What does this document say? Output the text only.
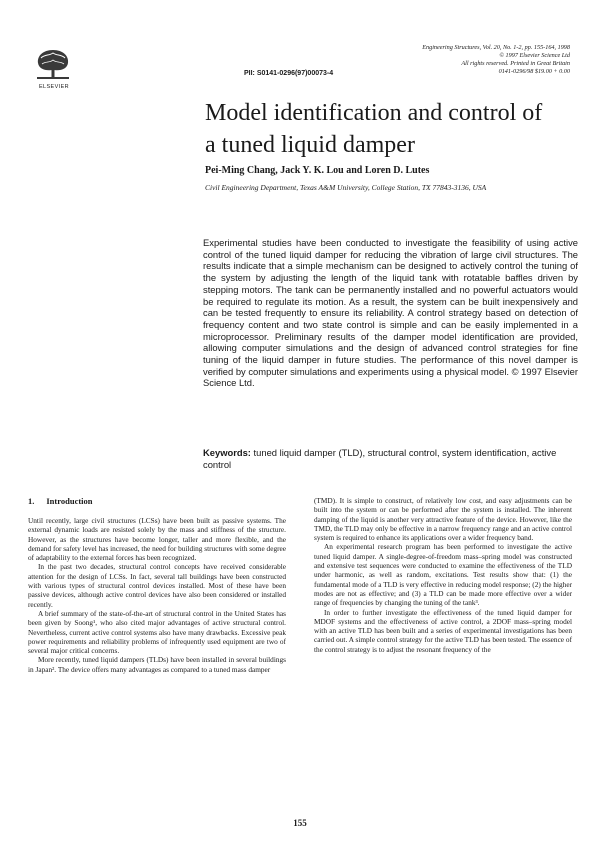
ELSEVIER
PII: S0141-0296(97)00073-4
Engineering Structures, Vol. 20, No. 1-2, pp. 155-164, 1998
© 1997 Elsevier Science Ltd
All rights reserved. Printed in Great Britain
0141-0296/98 $19.00 + 0.00
Model identification and control of
a tuned liquid damper
Pei-Ming Chang, Jack Y. K. Lou and Loren D. Lutes
Civil Engineering Department, Texas A&M University, College Station, TX 77843-3136, USA

Experimental studies have been conducted to investigate the feasibility of using active control of the tuned liquid damper for reducing the vibration of large civil structures. The results indicate that a simple mechanism can be designed to actively control the tuning of the system by adjusting the length of the liquid tank with rotatable baffles driven by stepping motors. The tank can be permanently installed and no powerful actuators would be required to regulate its motion. As a result, the system can be built inexpensively and can be tested frequently to ensure its reliability. A control strategy based on detection of frequency content and two state control is simple and can be easily implemented in a microprocessor. Preliminary results of the damper model identification are provided, allowing computer simulations and the design of advanced control strategies for fine tuning of the liquid damper in future studies. The performance of this novel damper is verified by computer simulations and experiments using a physical model. © 1997 Elsevier Science Ltd.

Keywords: tuned liquid damper (TLD), structural control, system identification, active control

1. Introduction

Until recently, large civil structures (LCSs) have been built as passive systems. The external dynamic loads are resisted solely by the mass and stiffness of the structure. However, as the structures have become longer, taller and more flexible, and the demand for safety level has increased, the need for building structures with some degree of adaptability to the external forces has been recognized.

In the past two decades, structural control concepts have received considerable attention for the design of LCSs. In fact, several tall buildings have been constructed with various types of structural control devices installed. Most of these have been passive devices, although active control devices have also been considered or installed recently.

A brief summary of the state-of-the-art of structural control in the United States has been given by Soong¹, who also cited major advantages of active structural control. Nevertheless, current active control systems also have many drawbacks. Excessive peak power requirements and reliability problems of infrequently used equipment are two of several major critical concerns.

More recently, tuned liquid dampers (TLDs) have been installed in several buildings in Japan². The device offers many advantages as compared to a tuned mass damper

(TMD). It is simple to construct, of relatively low cost, and easy adjustments can be built into the system or can be performed after the system is installed. The inherent damping of the liquid is another very attractive feature of the device. However, like the TMD, the TLD may only be effective in a narrow frequency range and an active control system is required to enhance its applications over a wider frequency band.

An experimental research program has been performed to investigate the active tuned liquid damper. A single-degree-of-freedom mass–spring model was constructed and extensive test sequences were conducted to examine the effectiveness of the TLD under harmonic, as well as random, excitations. Test results show that: (1) the fundamental mode of a TLD is very effective in reducing model response; (2) the higher modes are not as effective; and (3) a TLD can be made more effective over a wider range of frequencies by changing the tuning of the tank³.

In order to further investigate the effectiveness of the tuned liquid damper for MDOF systems and the effectiveness of active control, a 2DOF mass–spring model with an active TLD has been built and a series of experimental investigations has been carried out. A simple control strategy for the active TLD has been tested. The essence of the control strategy is to adjust the resonant frequency of the

155
